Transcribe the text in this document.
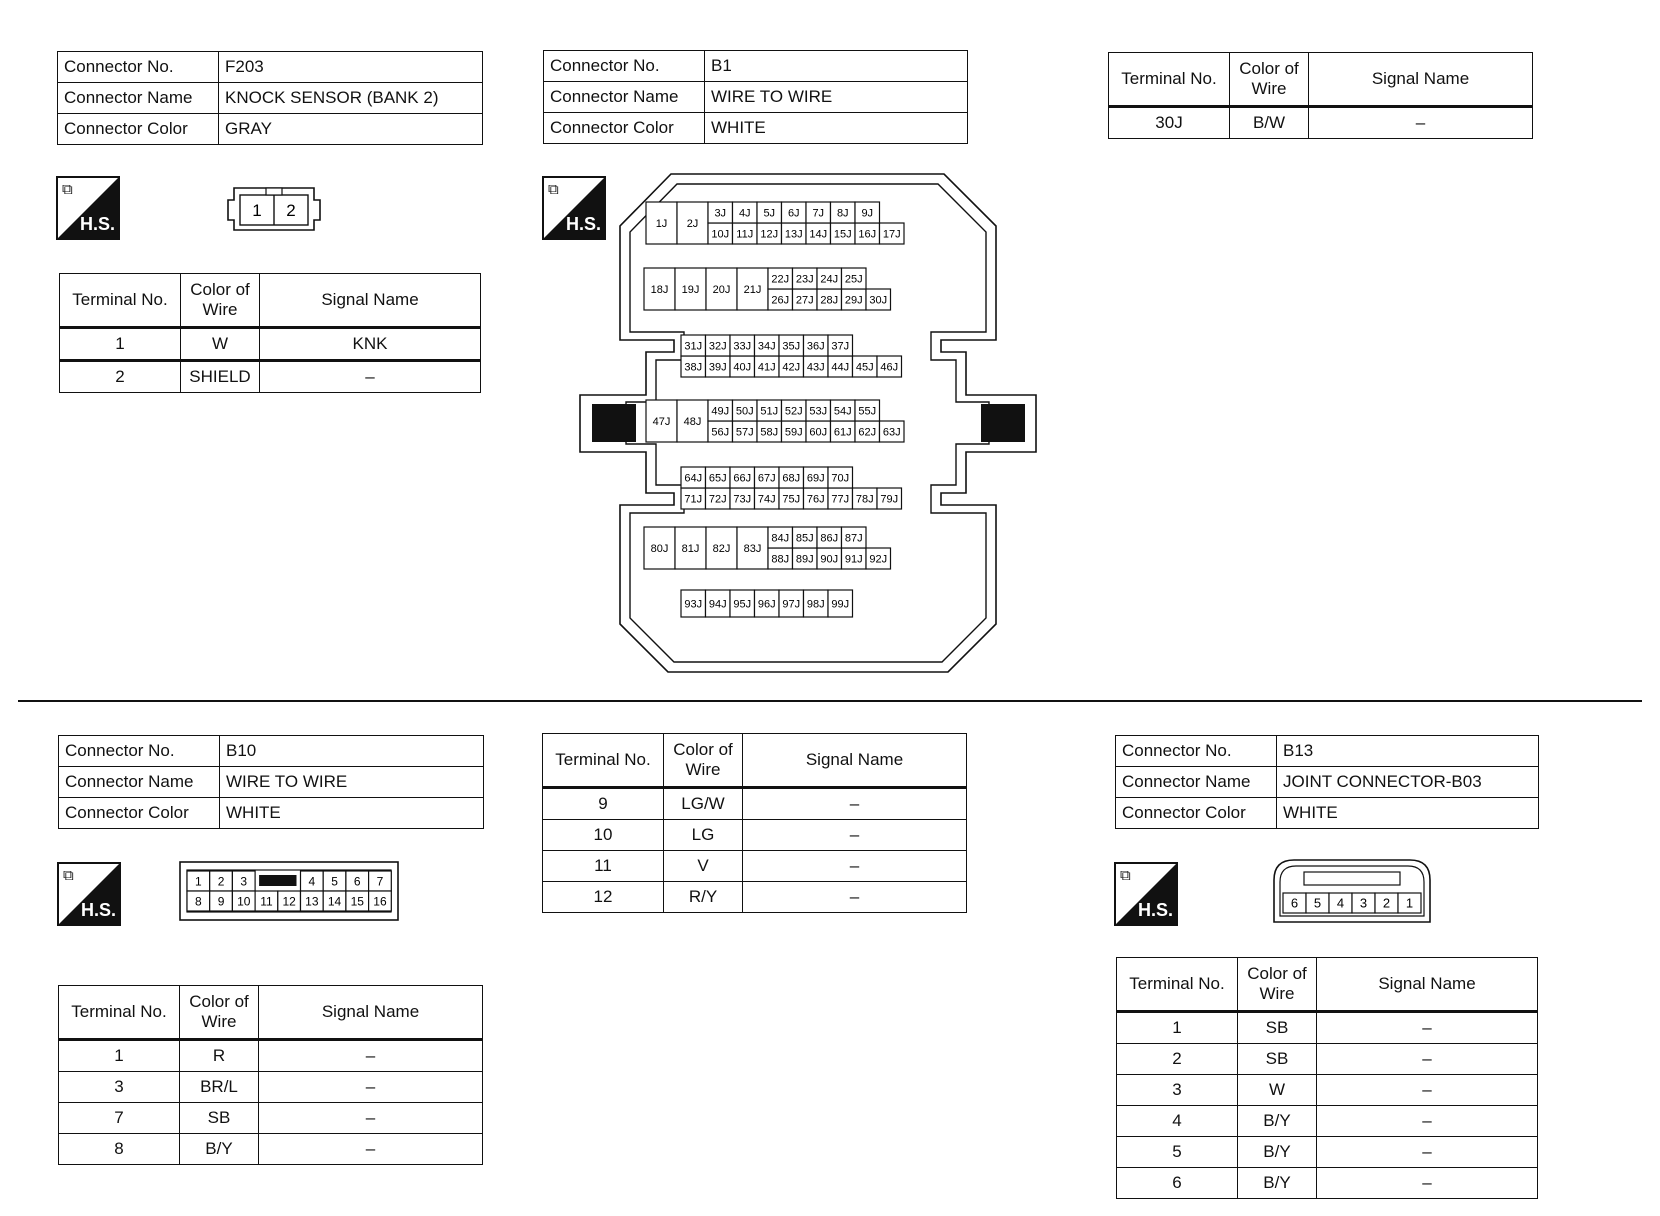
Connector No.	F203
Connector Name	KNOCK SENSOR (BANK 2)
Connector Color	GRAY
⧉
H.S.
1 2
Terminal No.	Color of
Wire	Signal Name
1	W	KNK
2	SHIELD	–
Connector No.	B1
Connector Name	WIRE TO WIRE
Connector Color	WHITE
⧉
H.S.	1J 2J
10J 11J 12J 13J 14J 15J 16J 17J
3J 4J 5J 6J 7J 8J 9J
18J 19J 20J 21J
26J 27J 28J 29J 30J
22J 23J 24J 25J
38J 39J 40J 41J 42J 43J 44J 45J 46J
31J 32J 33J 34J 35J 36J 37J
47J 48J
56J 57J 58J 59J 60J 61J 62J 63J
49J 50J 51J 52J 53J 54J 55J
71J 72J 73J 74J 75J 76J 77J 78J 79J
64J 65J 66J 67J 68J 69J 70J
80J 81J 82J 83J
88J 89J 90J 91J 92J
84J 85J 86J 87J
93J 94J 95J 96J 97J 98J 99J
Terminal No.	Color of
Wire	Signal Name
30J	B/W	–
Connector No.	B10
Connector Name	WIRE TO WIRE
Connector Color	WHITE
⧉
H.S.
1 2 3	4 5 6 7
8 9 10 11 12 13 14 15 16
Terminal No.	Color of
Wire	Signal Name
1	R	–
3	BR/L	–
7	SB	–
8	B/Y	–
Terminal No.	Color of
Wire	Signal Name
9	LG/W	–
10	LG	–
11	V	–
12	R/Y	–
Connector No.	B13
Connector Name	JOINT CONNECTOR-B03
Connector Color	WHITE
⧉
H.S.	6 5 4 3 2 1
Terminal No.	Color of
Wire	Signal Name
1	SB	–
2	SB	–
3	W	–
4	B/Y	–
5	B/Y	–
6	B/Y	–
